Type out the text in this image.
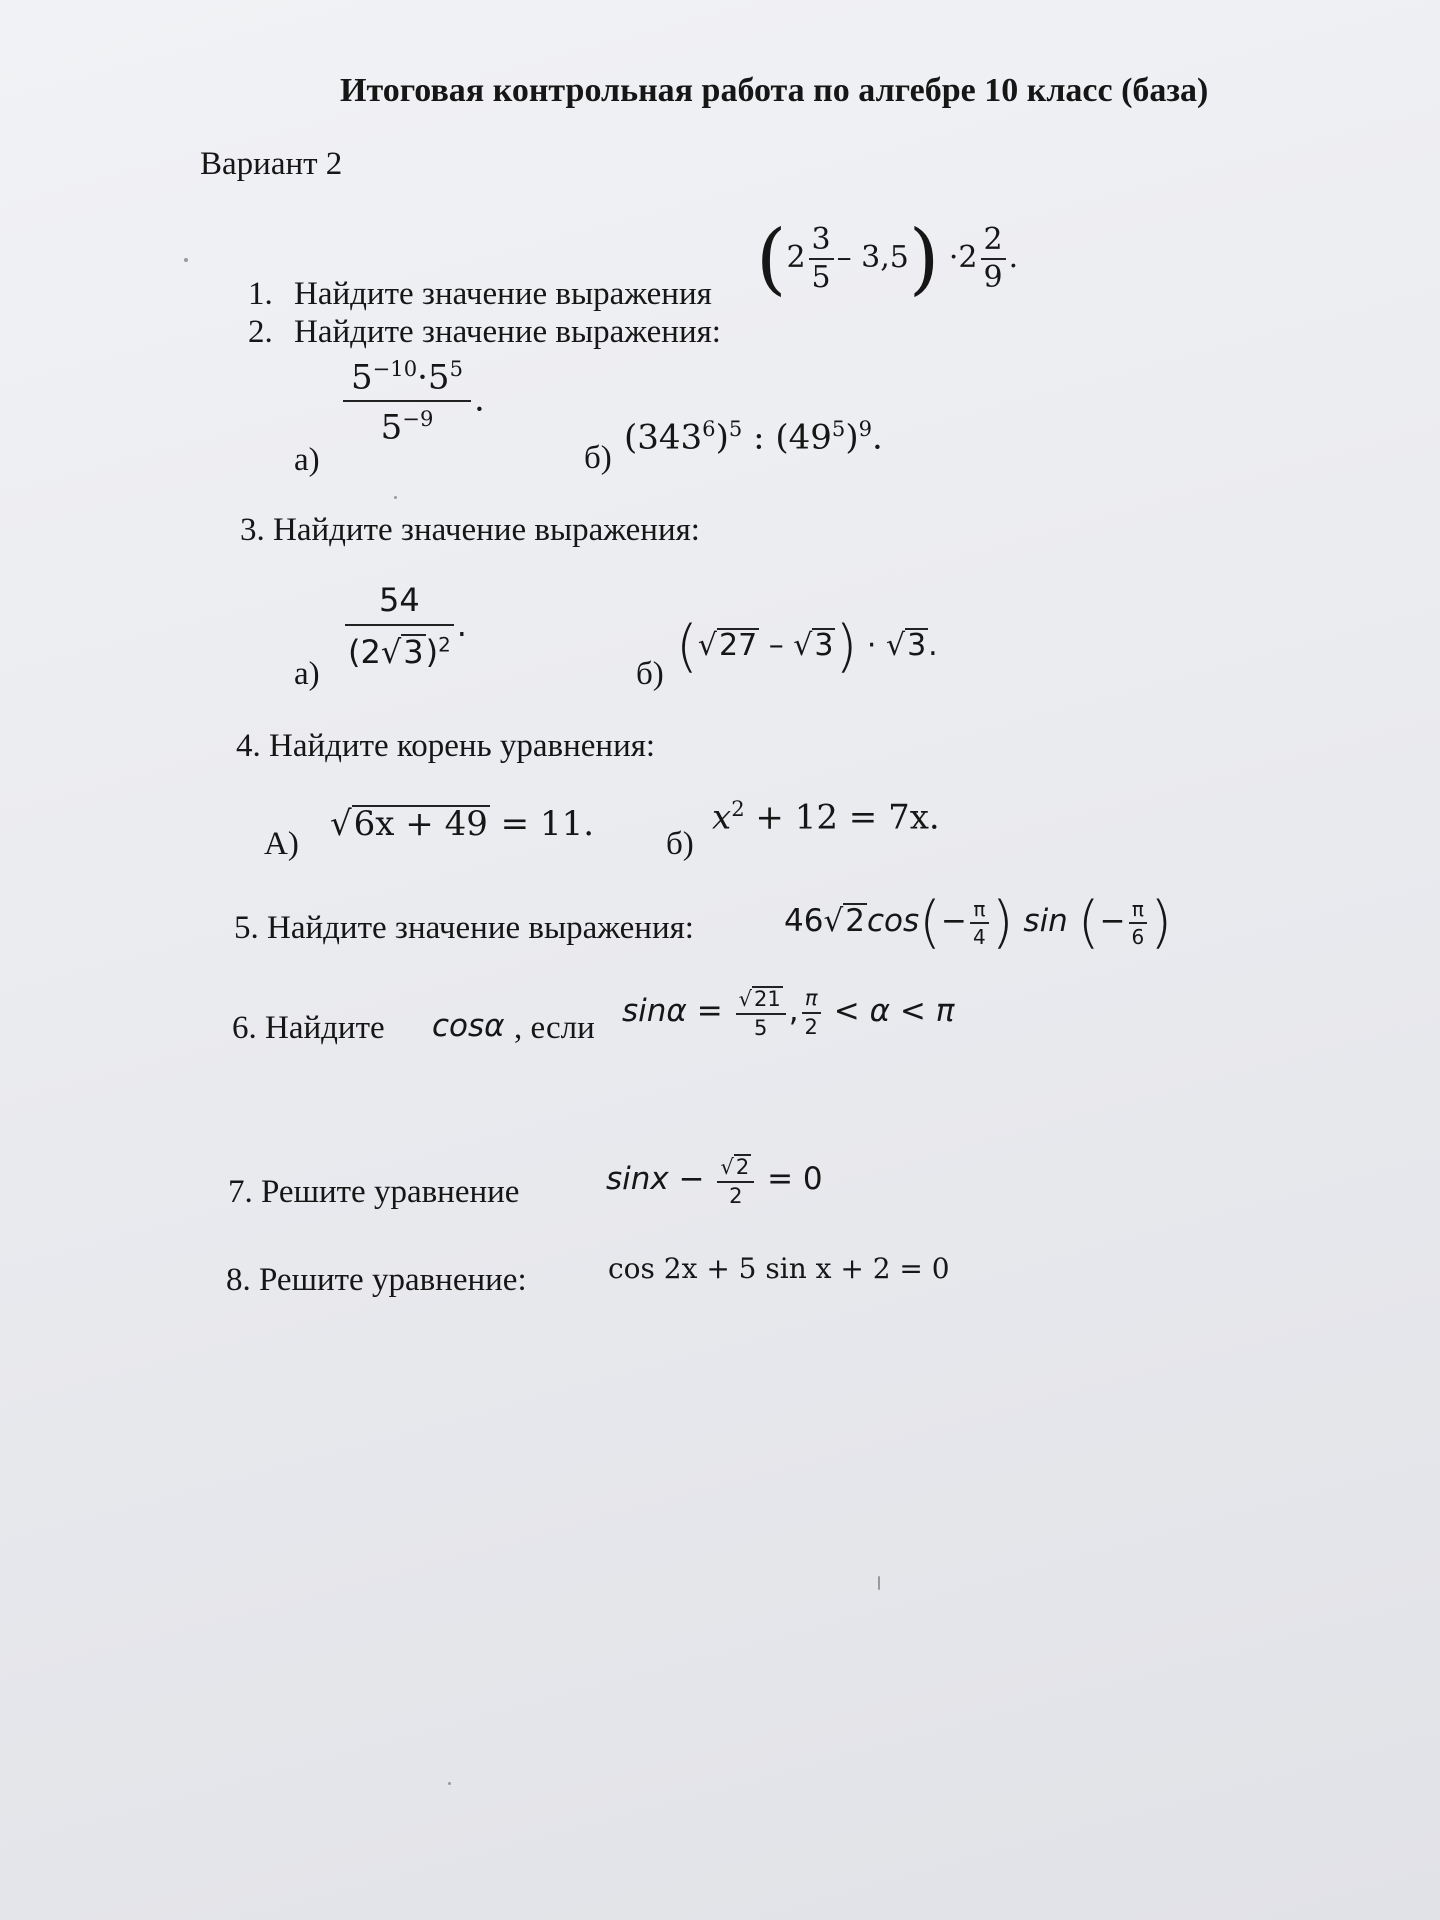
Итоговая контрольная работа по алгебре 10 класс (база)
Вариант 2
1. Найдите значение выражения $(2 \frac{3}{5} - 3,5) \cdot 2 \frac{2}{9}$ .
2. Найдите значение выражения:
а)
$\frac{5^{-10}\cdot 5^5}{5^{-9}}$ .
б)
$(343^6)^5$ : $(49^5)^9$.
3. Найдите значение выражения:
а)
$\frac{54}{(2√3)^2}$ .
б) (√27 – √3) · √3.
4. Найдите корень уравнения:
А) √6x + 49 = 11. б)
$x^2 + 12 = 7x$.
5. Найдите значение выражения:	$46√2\cos(- \frac{\pi}{4}$ ) sin (− $\frac{\pi}{6}$ )
6. Найдите cosα , если $\sin\alpha = \frac{√21}{5}$ , $\frac{\pi}{2} < \alpha < \pi$
7. Решите уравнение	$\sin x - \frac{√2}{2} = 0$
8. Решите уравнение:	cos 2x + 5 sin x + 2 = 0
